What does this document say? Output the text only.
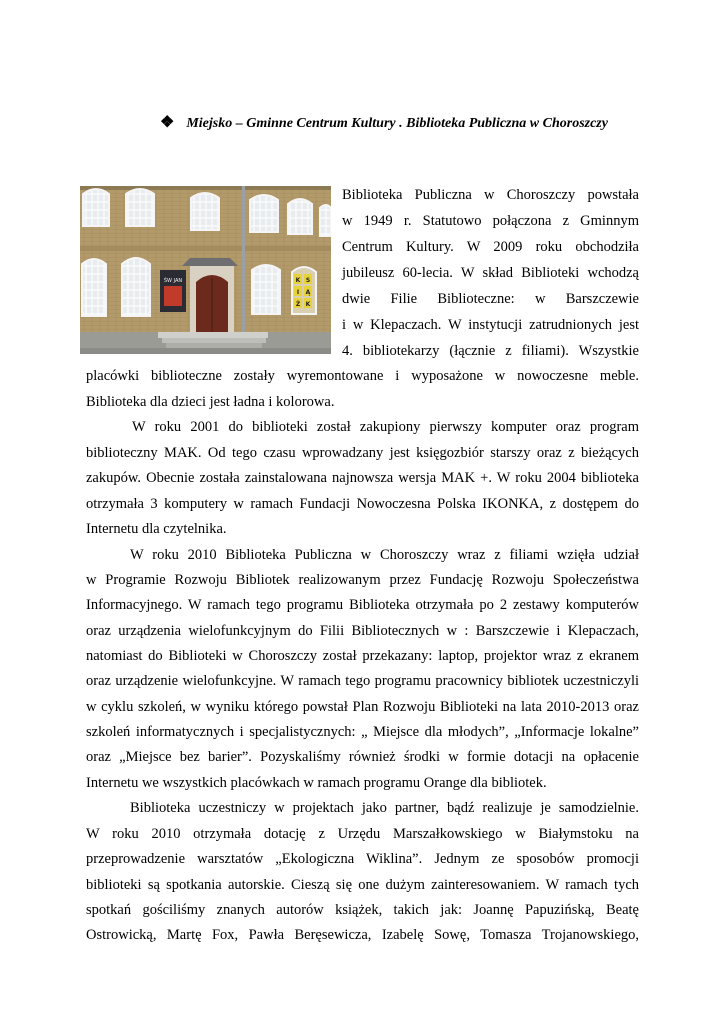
❖ Miejsko – Gminne Centrum Kultury . Biblioteka Publiczna w Choroszczy
K S
I Ą
Ż K
ŚW JAN
Biblioteka Publiczna w Choroszczy powstała
w 1949 r. Statutowo połączona z Gminnym
Centrum Kultury. W 2009 roku obchodziła
jubileusz 60-lecia. W skład Biblioteki wchodzą
dwie Filie Biblioteczne: w Barszczewie
i w Klepaczach. W instytucji zatrudnionych jest
4. bibliotekarzy (łącznie z filiami). Wszystkie
placówki biblioteczne zostały wyremontowane i wyposażone w nowoczesne meble.
Biblioteka dla dzieci jest ładna i kolorowa.
W roku 2001 do biblioteki został zakupiony pierwszy komputer oraz program
biblioteczny MAK. Od tego czasu wprowadzany jest księgozbiór starszy oraz z bieżących
zakupów. Obecnie została zainstalowana najnowsza wersja MAK +. W roku 2004 biblioteka
otrzymała 3 komputery w ramach Fundacji Nowoczesna Polska IKONKA, z dostępem do
Internetu dla czytelnika.
W roku 2010 Biblioteka Publiczna w Choroszczy wraz z filiami wzięła udział
w Programie Rozwoju Bibliotek realizowanym przez Fundację Rozwoju Społeczeństwa
Informacyjnego. W ramach tego programu Biblioteka otrzymała po 2 zestawy komputerów
oraz urządzenia wielofunkcyjnym do Filii Bibliotecznych w : Barszczewie i Klepaczach,
natomiast do Biblioteki w Choroszczy został przekazany: laptop, projektor wraz z ekranem
oraz urządzenie wielofunkcyjne. W ramach tego programu pracownicy bibliotek uczestniczyli
w cyklu szkoleń, w wyniku którego powstał Plan Rozwoju Biblioteki na lata 2010-2013 oraz
szkoleń informatycznych i specjalistycznych: „ Miejsce dla młodych”, „Informacje lokalne”
oraz „Miejsce bez barier”. Pozyskaliśmy również środki w formie dotacji na opłacenie
Internetu we wszystkich placówkach w ramach programu Orange dla bibliotek.
Biblioteka uczestniczy w projektach jako partner, bądź realizuje je samodzielnie.
W roku 2010 otrzymała dotację z Urzędu Marszałkowskiego w Białymstoku na
przeprowadzenie warsztatów „Ekologiczna Wiklina”. Jednym ze sposobów promocji
biblioteki są spotkania autorskie. Cieszą się one dużym zainteresowaniem. W ramach tych
spotkań gościliśmy znanych autorów książek, takich jak: Joannę Papuzińską, Beatę
Ostrowicką, Martę Fox, Pawła Beręsewicza, Izabelę Sowę, Tomasza Trojanowskiego,
